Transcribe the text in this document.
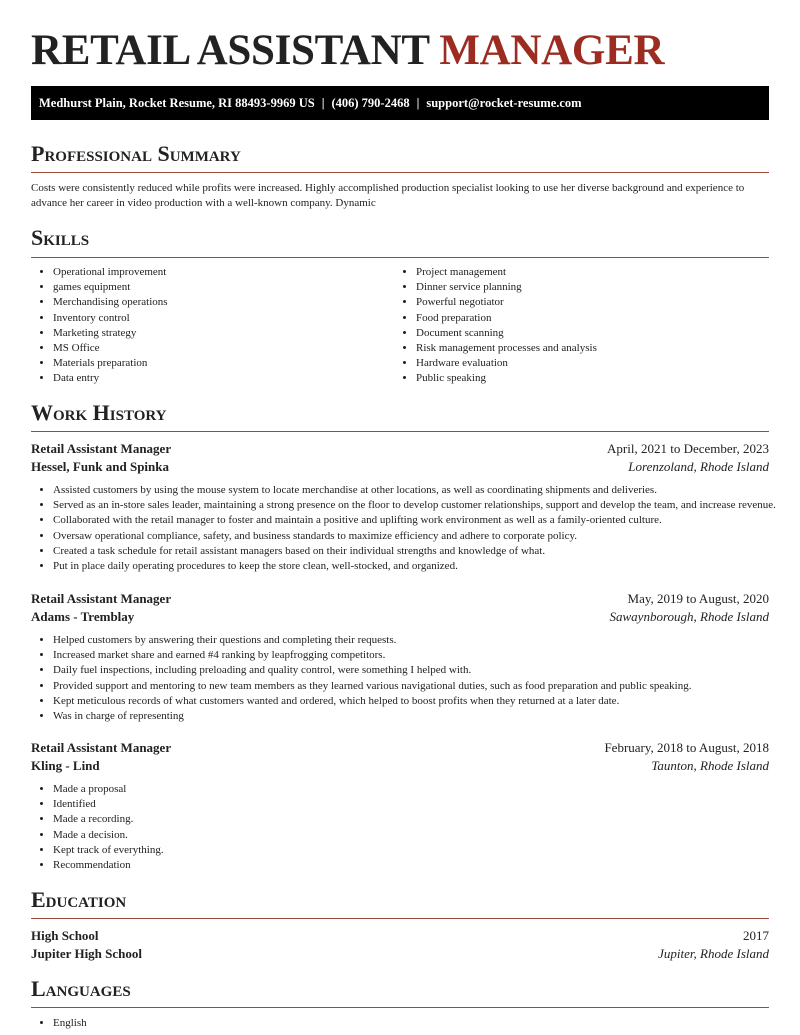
RETAIL ASSISTANT MANAGER
Medhurst Plain, Rocket Resume, RI 88493-9969 US | (406) 790-2468 | support@rocket-resume.com
Professional Summary

Costs were consistently reduced while profits were increased. Highly accomplished production specialist looking to use her diverse background and experience to advance her career in video production with a well-known company. Dynamic

Skills
• Operational improvement
• games equipment
• Merchandising operations
• Inventory control
• Marketing strategy
• MS Office
• Materials preparation
• Data entry
• Project management
• Dinner service planning
• Powerful negotiator
• Food preparation
• Document scanning
• Risk management processes and analysis
• Hardware evaluation
• Public speaking
Work History
Retail Assistant Manager	April, 2021 to December, 2023
Hessel, Funk and Spinka	Lorenzoland, Rhode Island
• Assisted customers by using the mouse system to locate merchandise at other locations, as well as coordinating shipments and deliveries.
• Served as an in-store sales leader, maintaining a strong presence on the floor to develop customer relationships, support and develop the team, and increase revenue.
• Collaborated with the retail manager to foster and maintain a positive and uplifting work environment as well as a family-oriented culture.
• Oversaw operational compliance, safety, and business standards to maximize efficiency and adhere to corporate policy.
• Created a task schedule for retail assistant managers based on their individual strengths and knowledge of what.
• Put in place daily operating procedures to keep the store clean, well-stocked, and organized.
Retail Assistant Manager	May, 2019 to August, 2020
Adams - Tremblay	Sawaynborough, Rhode Island
• Helped customers by answering their questions and completing their requests.
• Increased market share and earned #4 ranking by leapfrogging competitors.
• Daily fuel inspections, including preloading and quality control, were something I helped with.
• Provided support and mentoring to new team members as they learned various navigational duties, such as food preparation and public speaking.
• Kept meticulous records of what customers wanted and ordered, which helped to boost profits when they returned at a later date.
• Was in charge of representing
Retail Assistant Manager	February, 2018 to August, 2018
Kling - Lind	Taunton, Rhode Island
• Made a proposal
• Identified
• Made a recording.
• Made a decision.
• Kept track of everything.
• Recommendation
Education
High School	2017
Jupiter High School	Jupiter, Rhode Island
Languages
• English
